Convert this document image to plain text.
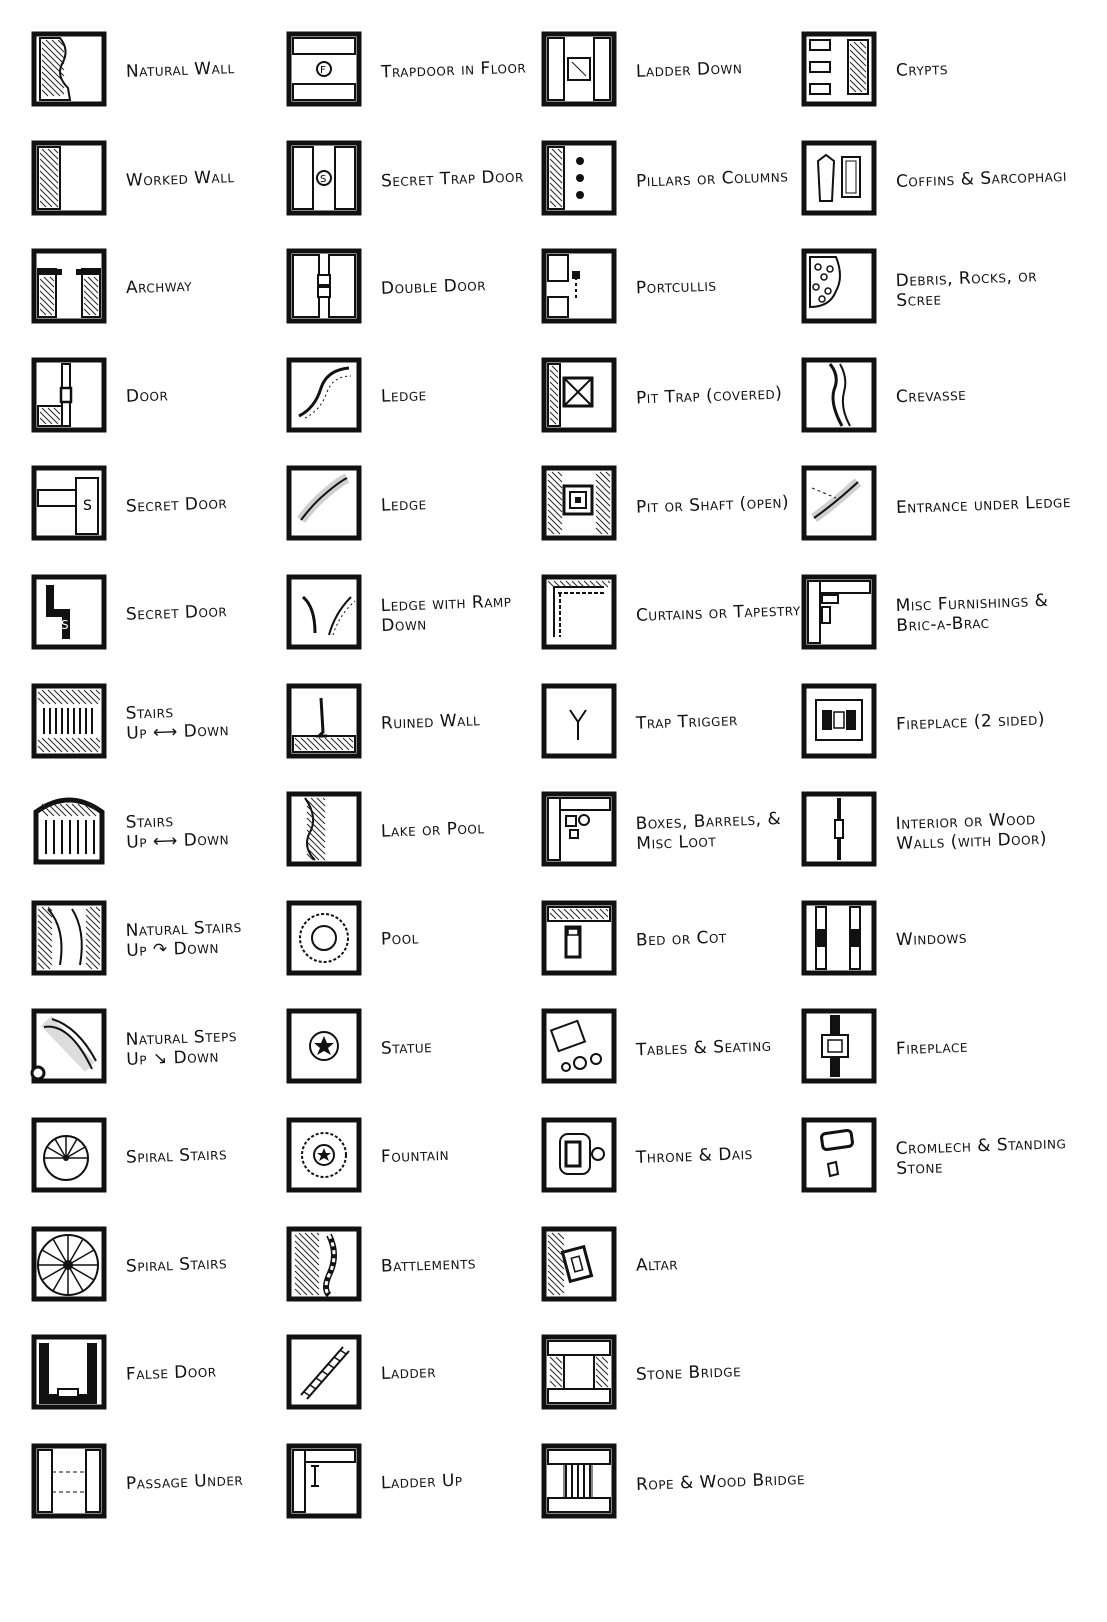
Natural Wall
Worked Wall
Archway
Door
S Secret Door
S
Secret Door
Stairs
Up ⟷ Down
Stairs
Up ⟷ Down
Natural Stairs
Up ↷ Down
Natural Steps
Up ↘ Down
Spiral Stairs
Spiral Stairs
False Door
Passage Under
F	Trapdoor in Floor
S	Secret Trap Door
Double Door
Ledge
Ledge
Ledge with Ramp Down
Ruined Wall
Lake or Pool
Pool
Statue
Fountain
Battlements
Ladder
Ladder Up
Ladder Down
Pillars or Columns
Portcullis
Pit Trap (covered)
Pit or Shaft (open)
Curtains or Tapestry
Trap Trigger
Boxes, Barrels, & Misc Loot
Bed or Cot
Tables & Seating
Throne & Dais
Altar
Stone Bridge
Rope & Wood Bridge
Crypts
Coffins & Sarcophagi
Debris, Rocks, or Scree
Crevasse
Entrance under Ledge
Misc Furnishings & Bric-a-Brac
Fireplace (2 sided)
Interior or Wood Walls (with Door)
Windows
Fireplace
Cromlech & Standing Stone
